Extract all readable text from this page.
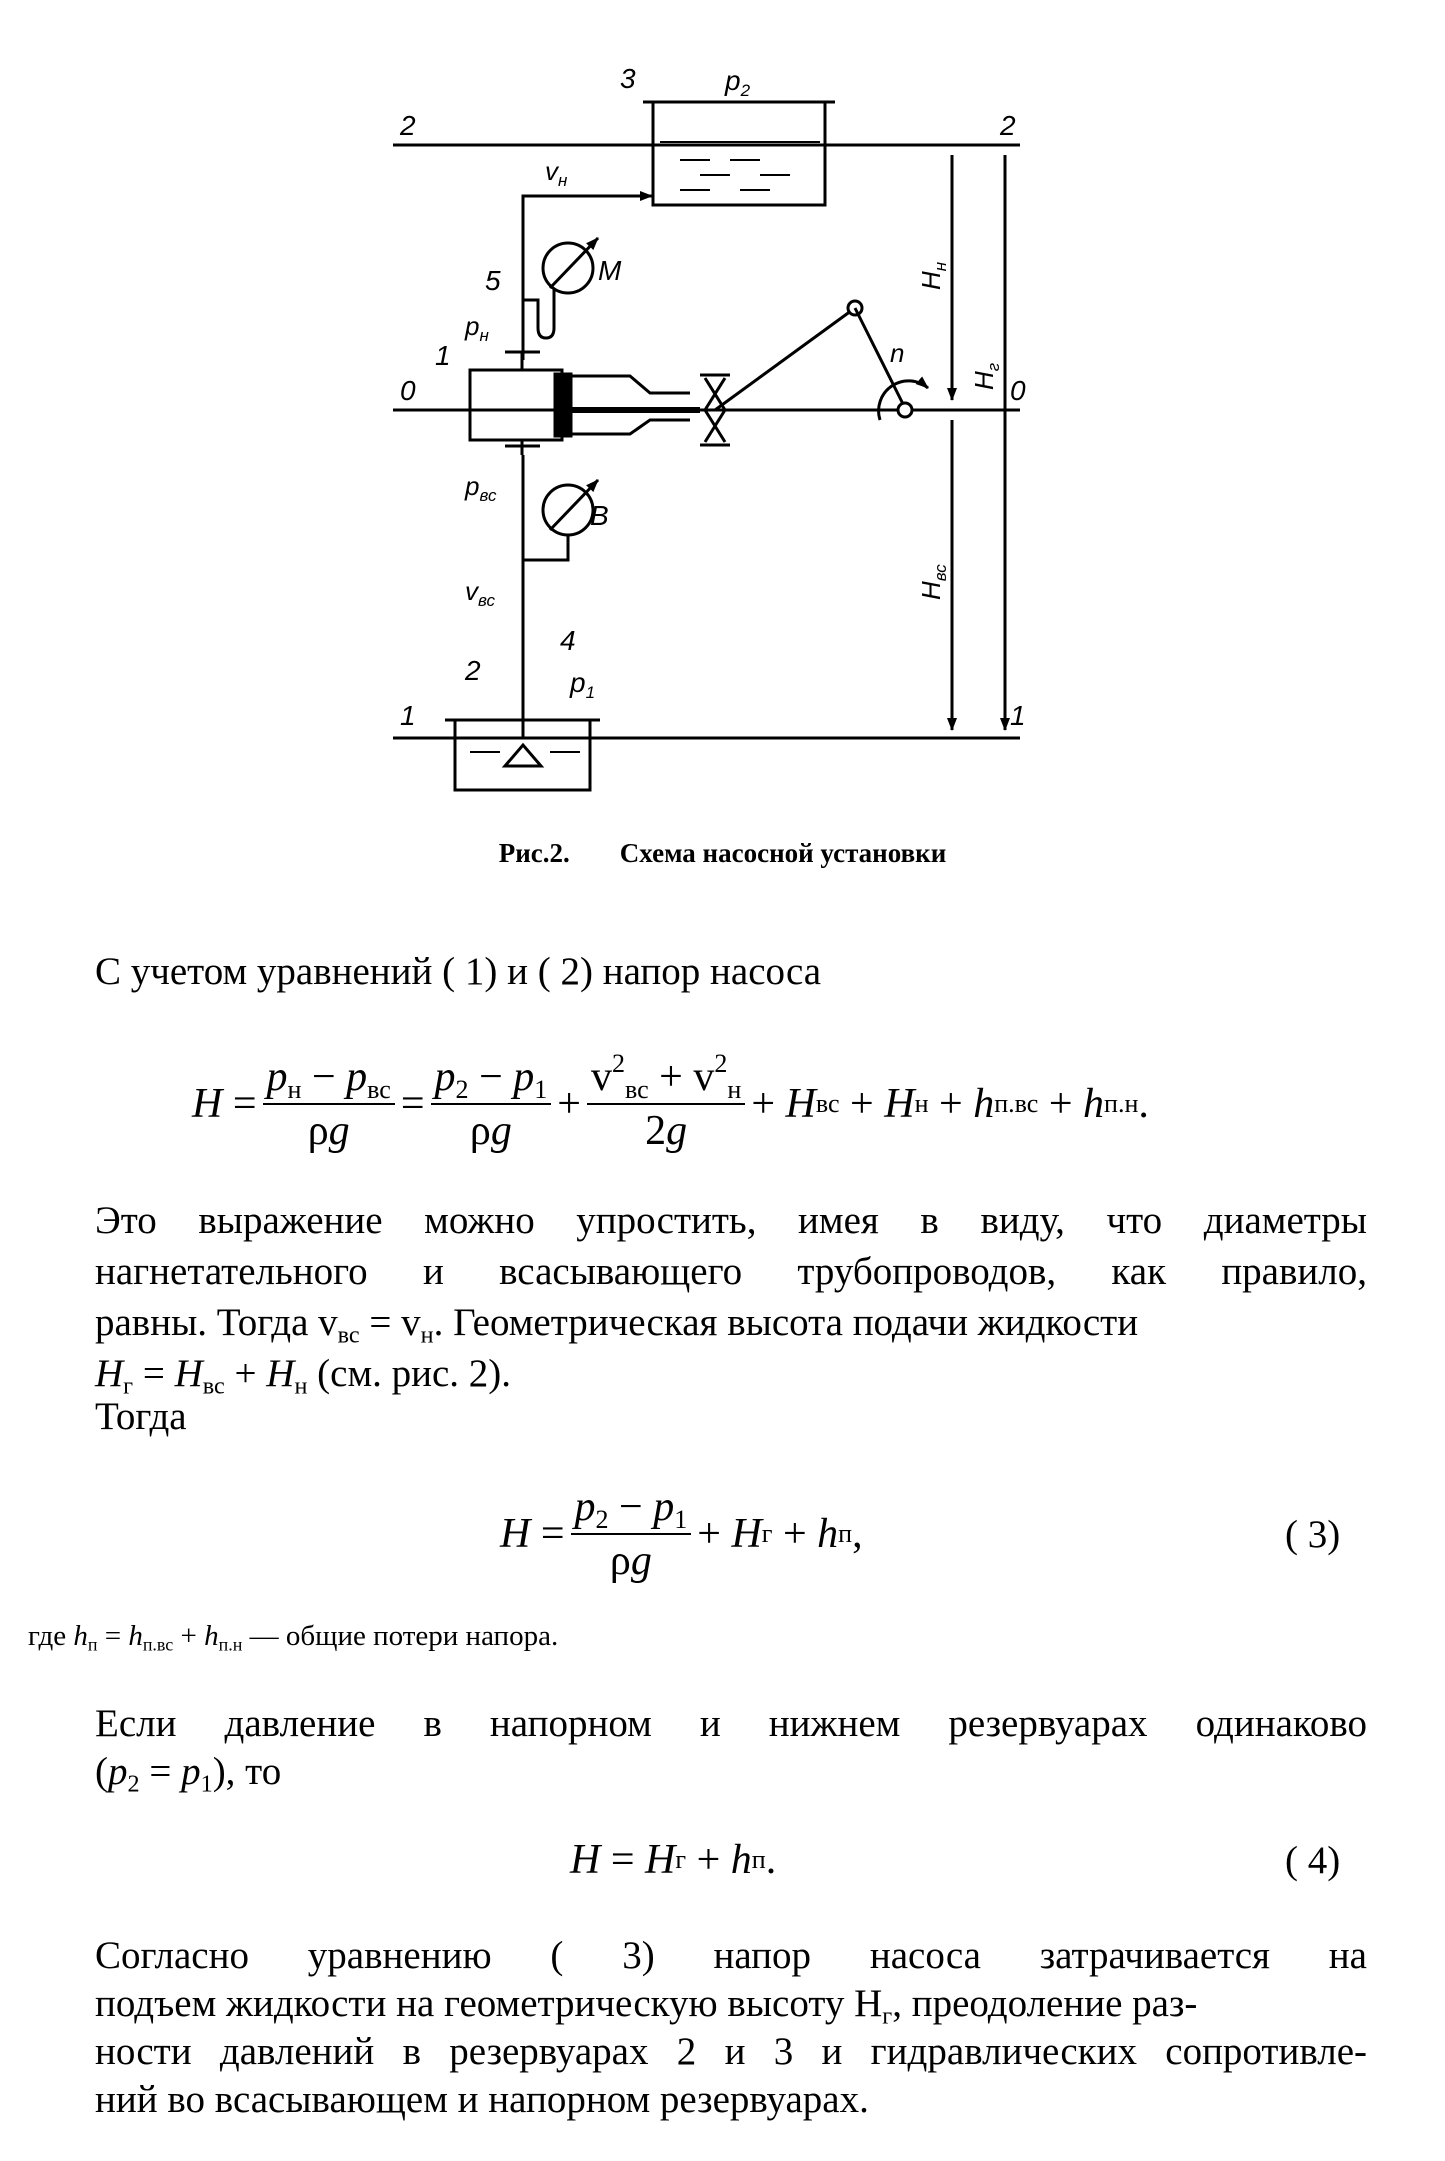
3	$p_2$
2	2
$v_н$
M
5
$p_н$
1
0	0
n
$p_{вс}$
B
$v_{вс}$
4
2	$p_1$
1	1
$H_н$
$H_г$
$H_{вс}$
Рис.2. Схема насосной установки
С учетом уравнений ( 1) и ( 2) напор насоса
$H = \frac{p_н - p_{вс}}{\rho g} = \frac{p_2 - p_1}{\rho g} + \frac{v^2_{вс} + v^2_н}{2g} + H$ вс + H н + h п.вс + h п.н .
Это выражение можно упростить, имея в виду, что диаметры
нагнетательного и всасывающего трубопроводов, как правило,
равны. Тогда $v_{вс} = v_н$. Геометрическая высота подачи жидкости
$H_г = H_{вс} + H_н$ (см. рис. 2).
Тогда
$H = \frac{p_2 - p_1}{\rho g} + H$ г + h п ,	( 3)
где $h_п = h_{п.вс} + h_{п.н}$ — общие потери напора.
Если давление в напорном и нижнем резервуарах одинаково
$(p_2 = p_1)$, то
H = H г + h п .	( 4)
Согласно уравнению ( 3) напор насоса затрачивается на
подъем жидкости на геометрическую высоту $H_г$, преодоление раз-
ности давлений в резервуарах 2 и 3 и гидравлических сопротивле-
ний во всасывающем и напорном резервуарах.
